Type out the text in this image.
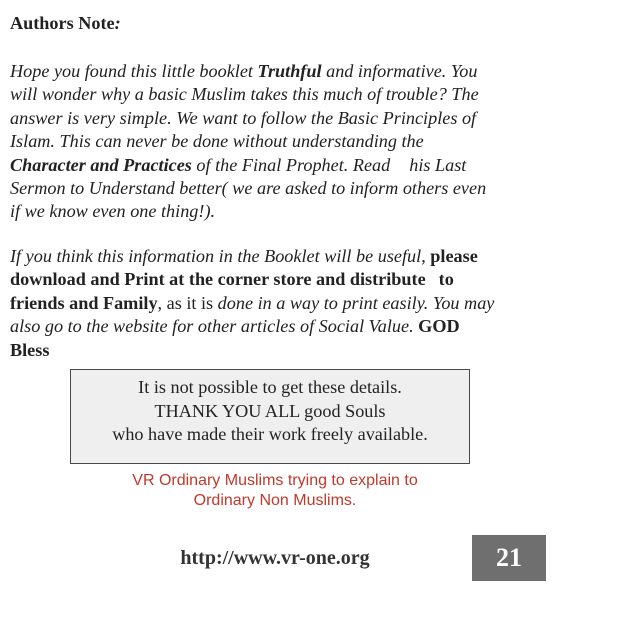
Authors Note:
Hope you found this little booklet Truthful and informative. You
will wonder why a basic Muslim takes this much of trouble? The
answer is very simple. We want to follow the Basic Principles of
Islam. This can never be done without understanding the
Character and Practices of the Final Prophet. Read his Last
Sermon to Understand better( we are asked to inform others even
if we know even one thing!).
If you think this information in the Booklet will be useful, please
download and Print at the corner store and distribute to
friends and Family, as it is done in a way to print easily. You may
also go to the website for other articles of Social Value. GOD
Bless
It is not possible to get these details.
THANK YOU ALL good Souls
who have made their work freely available.
VR Ordinary Muslims trying to explain to
Ordinary Non Muslims.
http://www.vr-one.org	21
